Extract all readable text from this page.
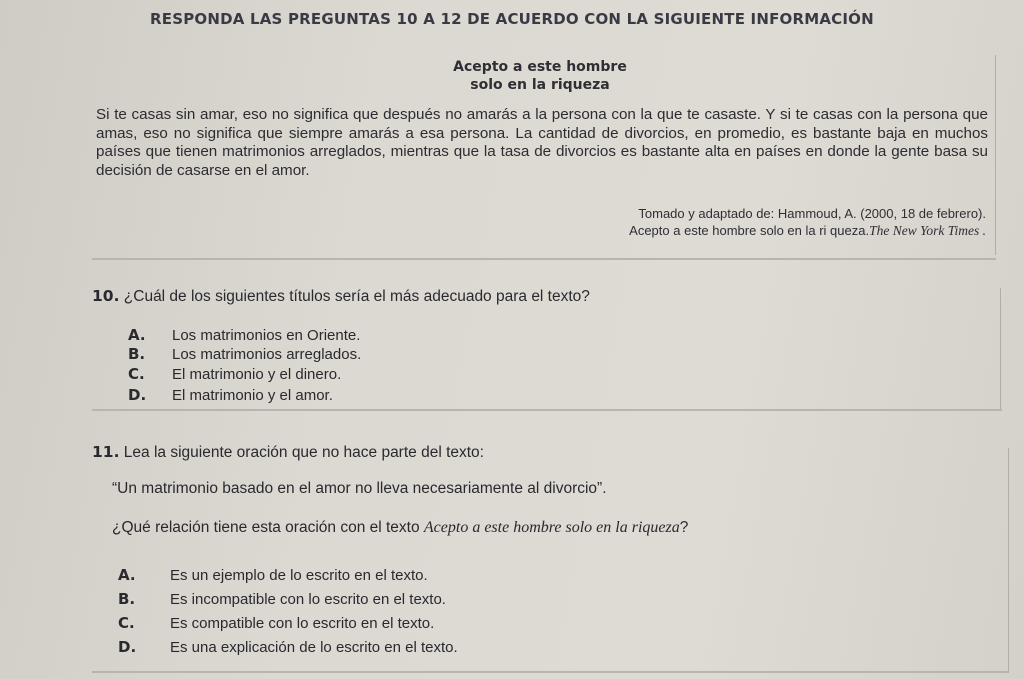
RESPONDA LAS PREGUNTAS 10 A 12 DE ACUERDO CON LA SIGUIENTE INFORMACIÓN
Acepto a este hombre
solo en la riqueza
Si te casas sin amar, eso no significa que después no amarás a la persona con la que te casaste. Y si te casas con la persona que amas, eso no significa que siempre amarás a esa persona. La cantidad de divorcios, en promedio, es bastante baja en muchos países que tienen matrimonios arreglados, mientras que la tasa de divorcios es bastante alta en países en donde la gente basa su decisión de casarse en el amor.
Tomado y adaptado de: Hammoud, A. (2000, 18 de febrero).
Acepto a este hombre solo en la ri queza.The New York Times .
10. ¿Cuál de los siguientes títulos sería el más adecuado para el texto?
A. Los matrimonios en Oriente.
B. Los matrimonios arreglados.
C. El matrimonio y el dinero.
D. El matrimonio y el amor.
11. Lea la siguiente oración que no hace parte del texto:
“Un matrimonio basado en el amor no lleva necesariamente al divorcio”.
¿Qué relación tiene esta oración con el texto Acepto a este hombre solo en la riqueza?
A. Es un ejemplo de lo escrito en el texto.
B. Es incompatible con lo escrito en el texto.
C. Es compatible con lo escrito en el texto.
D. Es una explicación de lo escrito en el texto.
